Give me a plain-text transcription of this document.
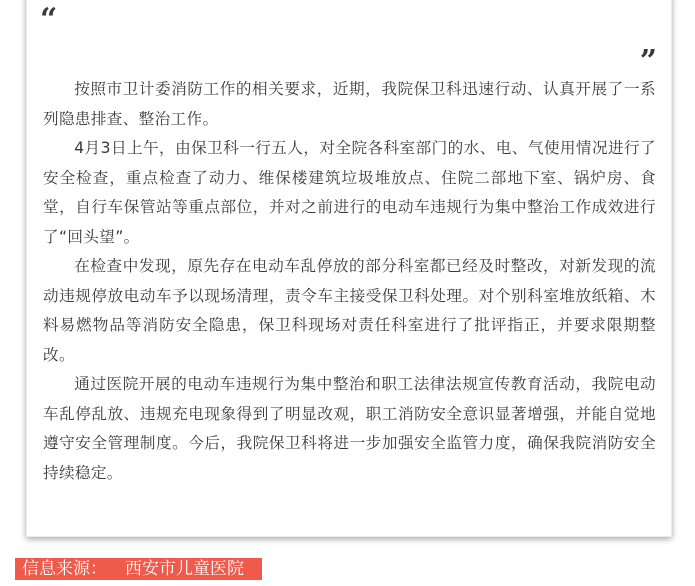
“
”

按照市卫计委消防工作的相关要求，近期，我院保卫科迅速行动、认真开展了一系列隐患排查、整治工作。

4月3日上午，由保卫科一行五人，对全院各科室部门的水、电、气使用情况进行了安全检查，重点检查了动力、维保楼建筑垃圾堆放点、住院二部地下室、锅炉房、食堂，自行车保管站等重点部位，并对之前进行的电动车违规行为集中整治工作成效进行了“回头望”。

在检查中发现，原先存在电动车乱停放的部分科室都已经及时整改，对新发现的流动违规停放电动车予以现场清理，责令车主接受保卫科处理。对个别科室堆放纸箱、木料易燃物品等消防安全隐患，保卫科现场对责任科室进行了批评指正，并要求限期整改。

通过医院开展的电动车违规行为集中整治和职工法律法规宣传教育活动，我院电动车乱停乱放、违规充电现象得到了明显改观，职工消防安全意识显著增强，并能自觉地遵守安全管理制度。今后，我院保卫科将进一步加强安全监管力度，确保我院消防安全持续稳定。

信息来源： 西安市儿童医院
